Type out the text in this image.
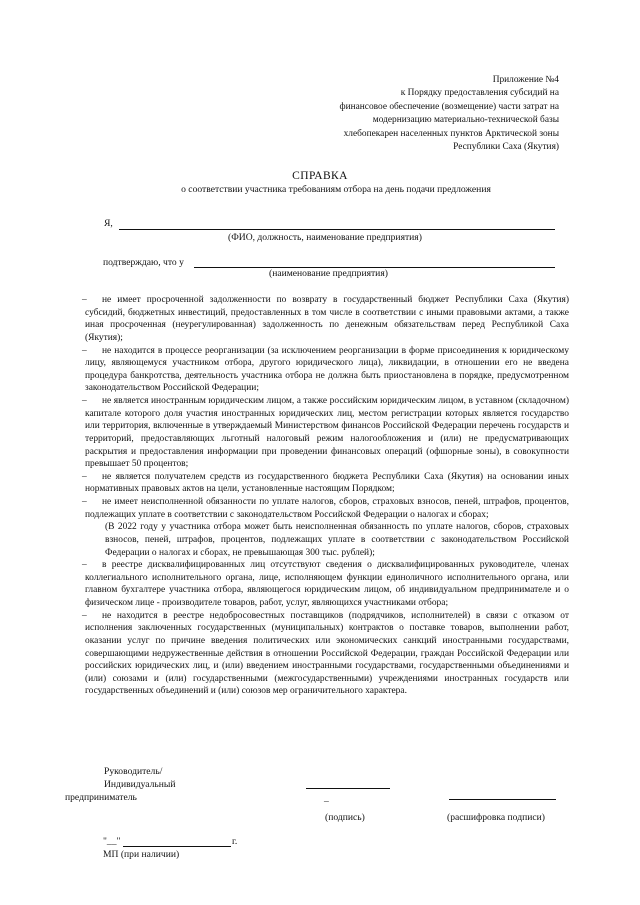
Приложение №4
к Порядку предоставления субсидий на
финансовое обеспечение (возмещение) части затрат на
модернизацию материально-технической базы
хлебопекарен населенных пунктов Арктической зоны
Республики Саха (Якутия)
СПРАВКА
о соответствии участника требованиям отбора на день подачи предложения
Я,
(ФИО, должность, наименование предприятия)
подтверждаю, что у
(наименование предприятия)
– не имеет просроченной задолженности по возврату в государственный бюджет Республики Саха (Якутия) субсидий, бюджетных инвестиций, предоставленных в том числе в соответствии с иными правовыми актами, а также иная просроченная (неурегулированная) задолженность по денежным обязательствам перед Республикой Саха (Якутия);
– не находится в процессе реорганизации (за исключением реорганизации в форме присоединения к юридическому лицу, являющемуся участником отбора, другого юридического лица), ликвидации, в отношении его не введена процедура банкротства, деятельность участника отбора не должна быть приостановлена в порядке, предусмотренном законодательством Российской Федерации;
– не является иностранным юридическим лицом, а также российским юридическим лицом, в уставном (складочном) капитале которого доля участия иностранных юридических лиц, местом регистрации которых является государство или территория, включенные в утверждаемый Министерством финансов Российской Федерации перечень государств и территорий, предоставляющих льготный налоговый режим налогообложения и (или) не предусматривающих раскрытия и предоставления информации при проведении финансовых операций (офшорные зоны), в совокупности превышает 50 процентов;
– не является получателем средств из государственного бюджета Республики Саха (Якутия) на основании иных нормативных правовых актов на цели, установленные настоящим Порядком;
– не имеет неисполненной обязанности по уплате налогов, сборов, страховых взносов, пеней, штрафов, процентов, подлежащих уплате в соответствии с законодательством Российской Федерации о налогах и сборах;
(В 2022 году у участника отбора может быть неисполненная обязанность по уплате налогов, сборов, страховых взносов, пеней, штрафов, процентов, подлежащих уплате в соответствии с законодательством Российской Федерации о налогах и сборах, не превышающая 300 тыс. рублей);
– в реестре дисквалифицированных лиц отсутствуют сведения о дисквалифицированных руководителе, членах коллегиального исполнительного органа, лице, исполняющем функции единоличного исполнительного органа, или главном бухгалтере участника отбора, являющегося юридическим лицом, об индивидуальном предпринимателе и о физическом лице - производителе товаров, работ, услуг, являющихся участниками отбора;
– не находится в реестре недобросовестных поставщиков (подрядчиков, исполнителей) в связи с отказом от исполнения заключенных государственных (муниципальных) контрактов о поставке товаров, выполнении работ, оказании услуг по причине введения политических или экономических санкций иностранными государствами, совершающими недружественные действия в отношении Российской Федерации, граждан Российской Федерации или российских юридических лиц, и (или) введением иностранными государствами, государственными объединениями и (или) союзами и (или) государственными (межгосударственными) учреждениями иностранных государств или государственных объединений и (или) союзов мер ограничительного характера.
Руководитель/
Индивидуальный
предприниматель	_
(подпись)	(расшифровка подписи)
"__"	г.
МП (при наличии)
